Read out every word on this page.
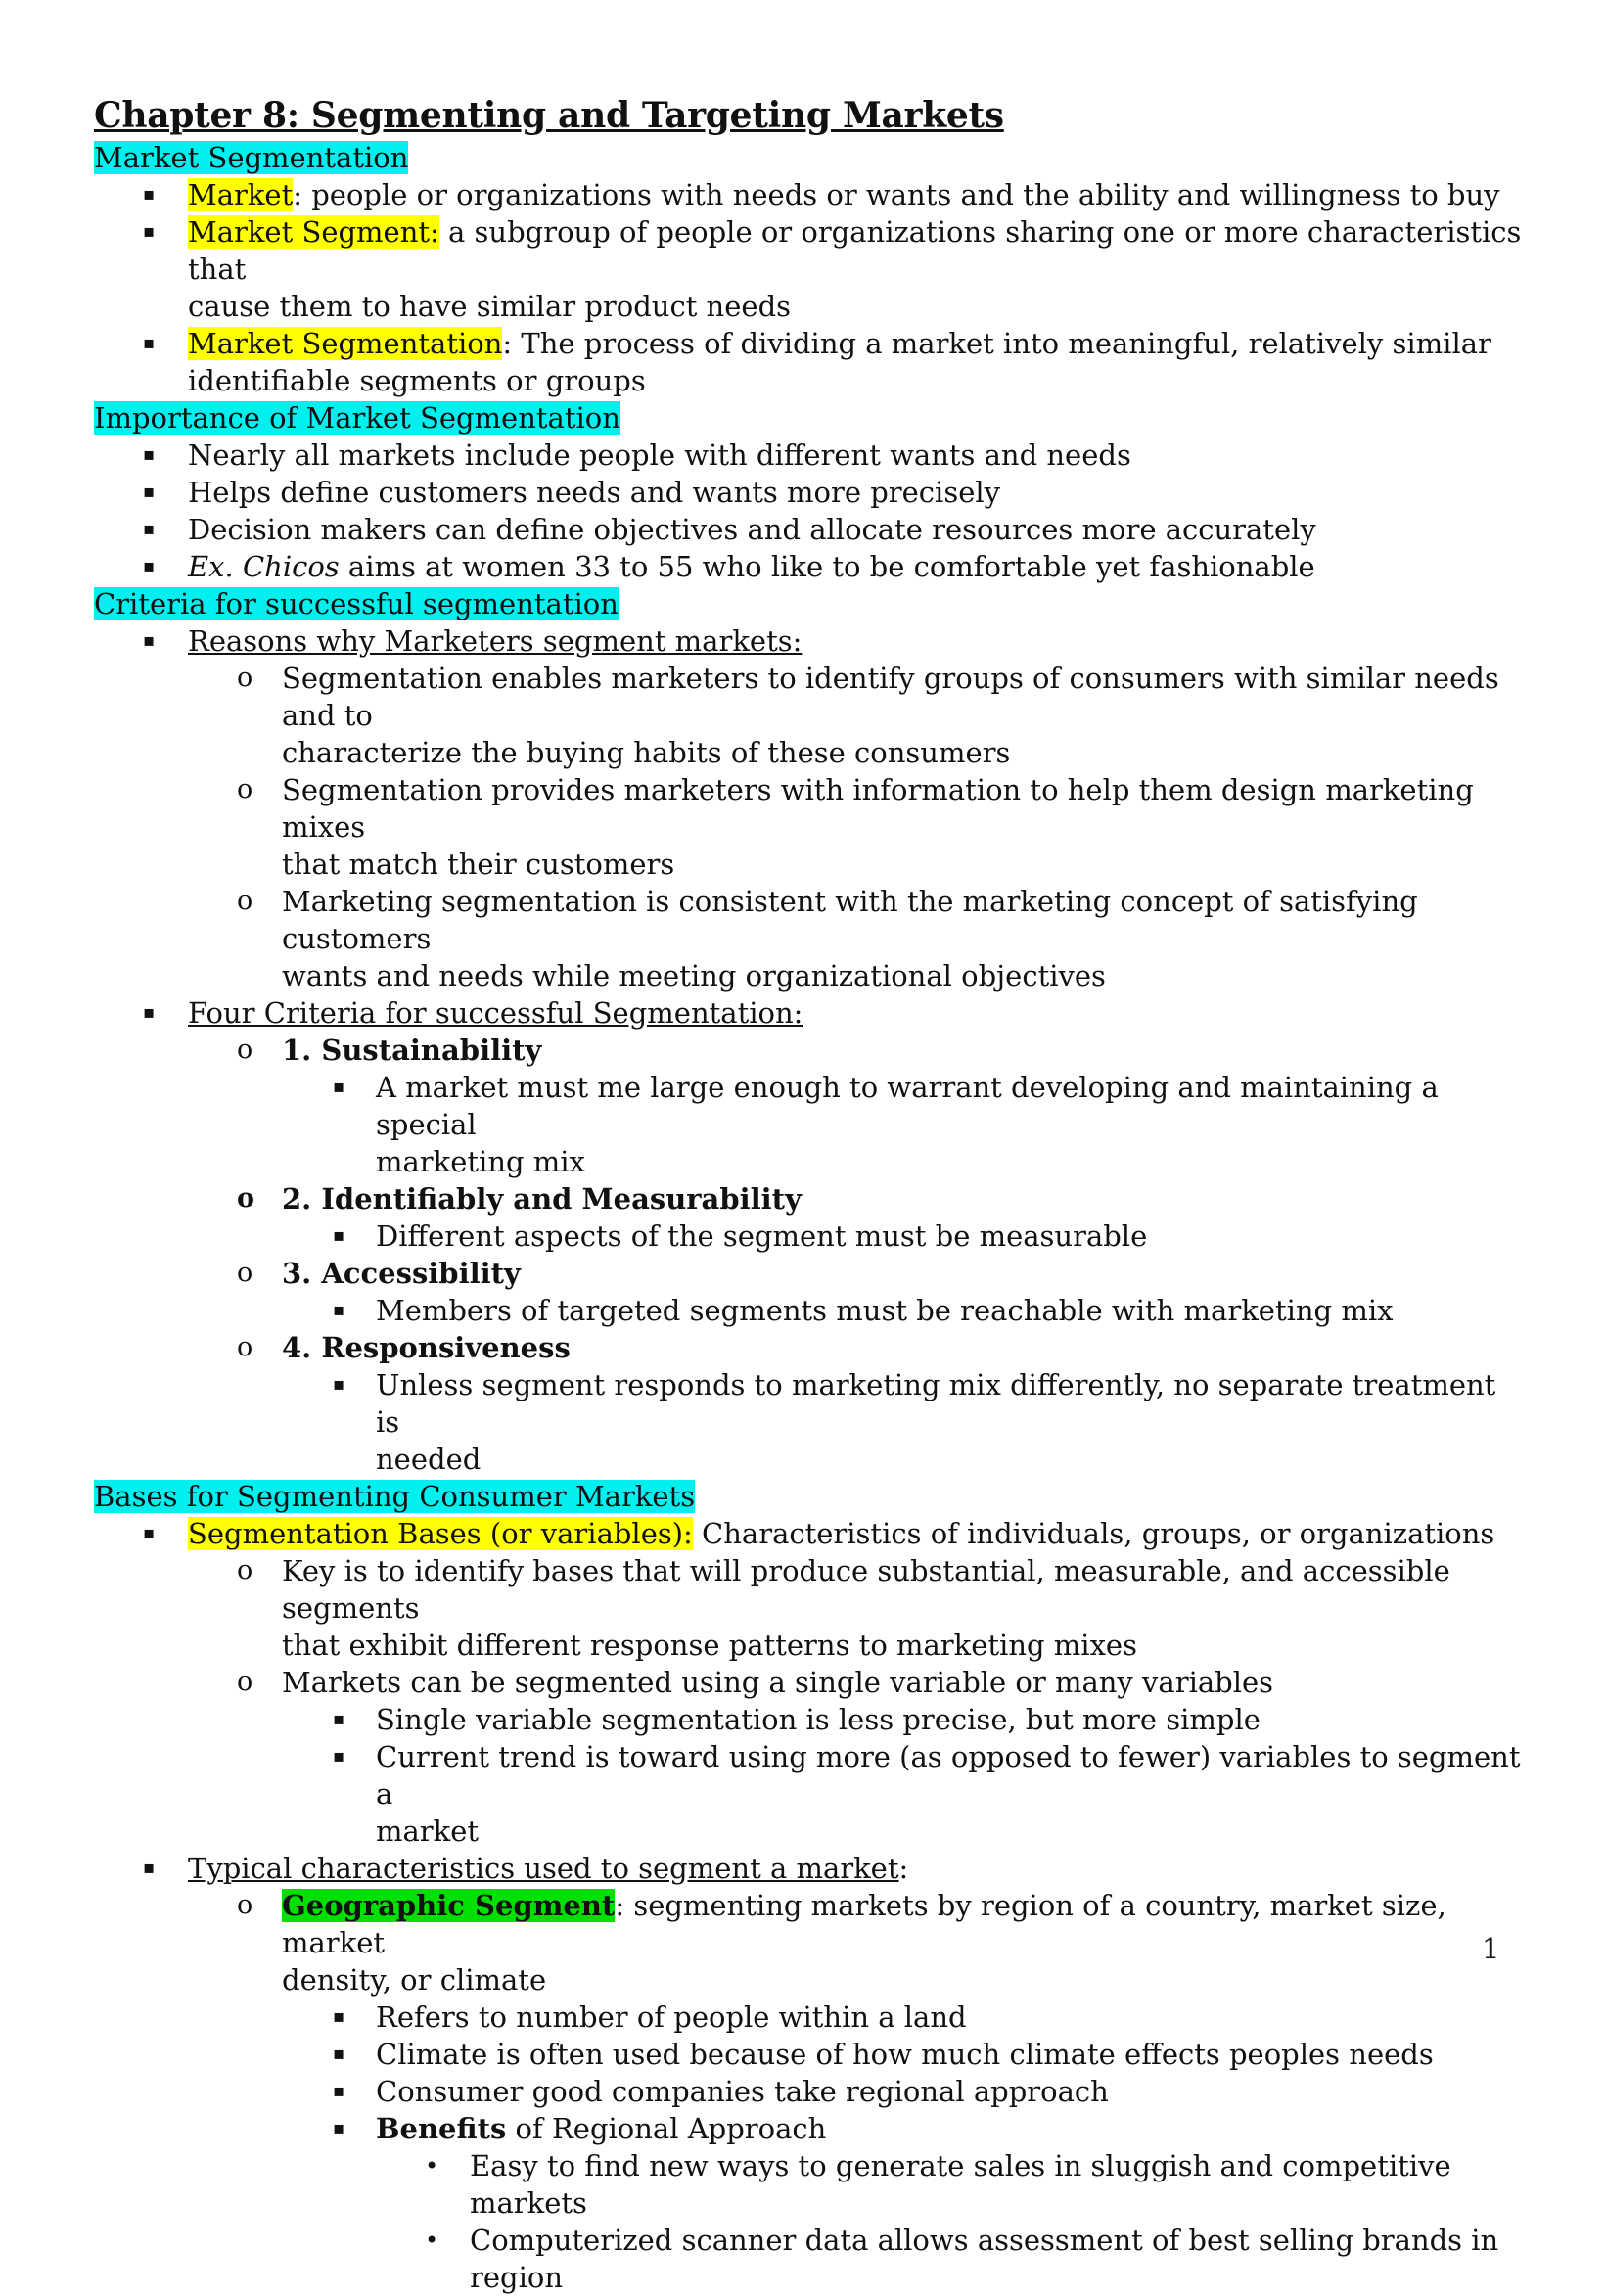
Chapter 8: Segmenting and Targeting Markets
Market Segmentation
▪ Market: people or organizations with needs or wants and the ability and willingness to buy
▪ Market Segment: a subgroup of people or organizations sharing one or more characteristics that
cause them to have similar product needs
▪ Market Segmentation: The process of dividing a market into meaningful, relatively similar
identifiable segments or groups
Importance of Market Segmentation
▪ Nearly all markets include people with different wants and needs
▪ Helps define customers needs and wants more precisely
▪ Decision makers can define objectives and allocate resources more accurately
▪ Ex. Chicos aims at women 33 to 55 who like to be comfortable yet fashionable
Criteria for successful segmentation
▪ Reasons why Marketers segment markets:
o Segmentation enables marketers to identify groups of consumers with similar needs and to
characterize the buying habits of these consumers
o Segmentation provides marketers with information to help them design marketing mixes
that match their customers
o Marketing segmentation is consistent with the marketing concept of satisfying customers
wants and needs while meeting organizational objectives
▪ Four Criteria for successful Segmentation:
o 1. Sustainability
▪ A market must me large enough to warrant developing and maintaining a special
marketing mix
o 2. Identifiably and Measurability
▪ Different aspects of the segment must be measurable
o 3. Accessibility
▪ Members of targeted segments must be reachable with marketing mix
o 4. Responsiveness
▪ Unless segment responds to marketing mix differently, no separate treatment is
needed
Bases for Segmenting Consumer Markets
▪ Segmentation Bases (or variables): Characteristics of individuals, groups, or organizations
o Key is to identify bases that will produce substantial, measurable, and accessible segments
that exhibit different response patterns to marketing mixes
o Markets can be segmented using a single variable or many variables
▪ Single variable segmentation is less precise, but more simple
▪ Current trend is toward using more (as opposed to fewer) variables to segment a
market
▪ Typical characteristics used to segment a market:
o Geographic Segment: segmenting markets by region of a country, market size, market
density, or climate
▪ Refers to number of people within a land
▪ Climate is often used because of how much climate effects peoples needs
▪ Consumer good companies take regional approach
▪ Benefits of Regional Approach
• Easy to find new ways to generate sales in sluggish and competitive markets
• Computerized scanner data allows assessment of best selling brands in
region
1
